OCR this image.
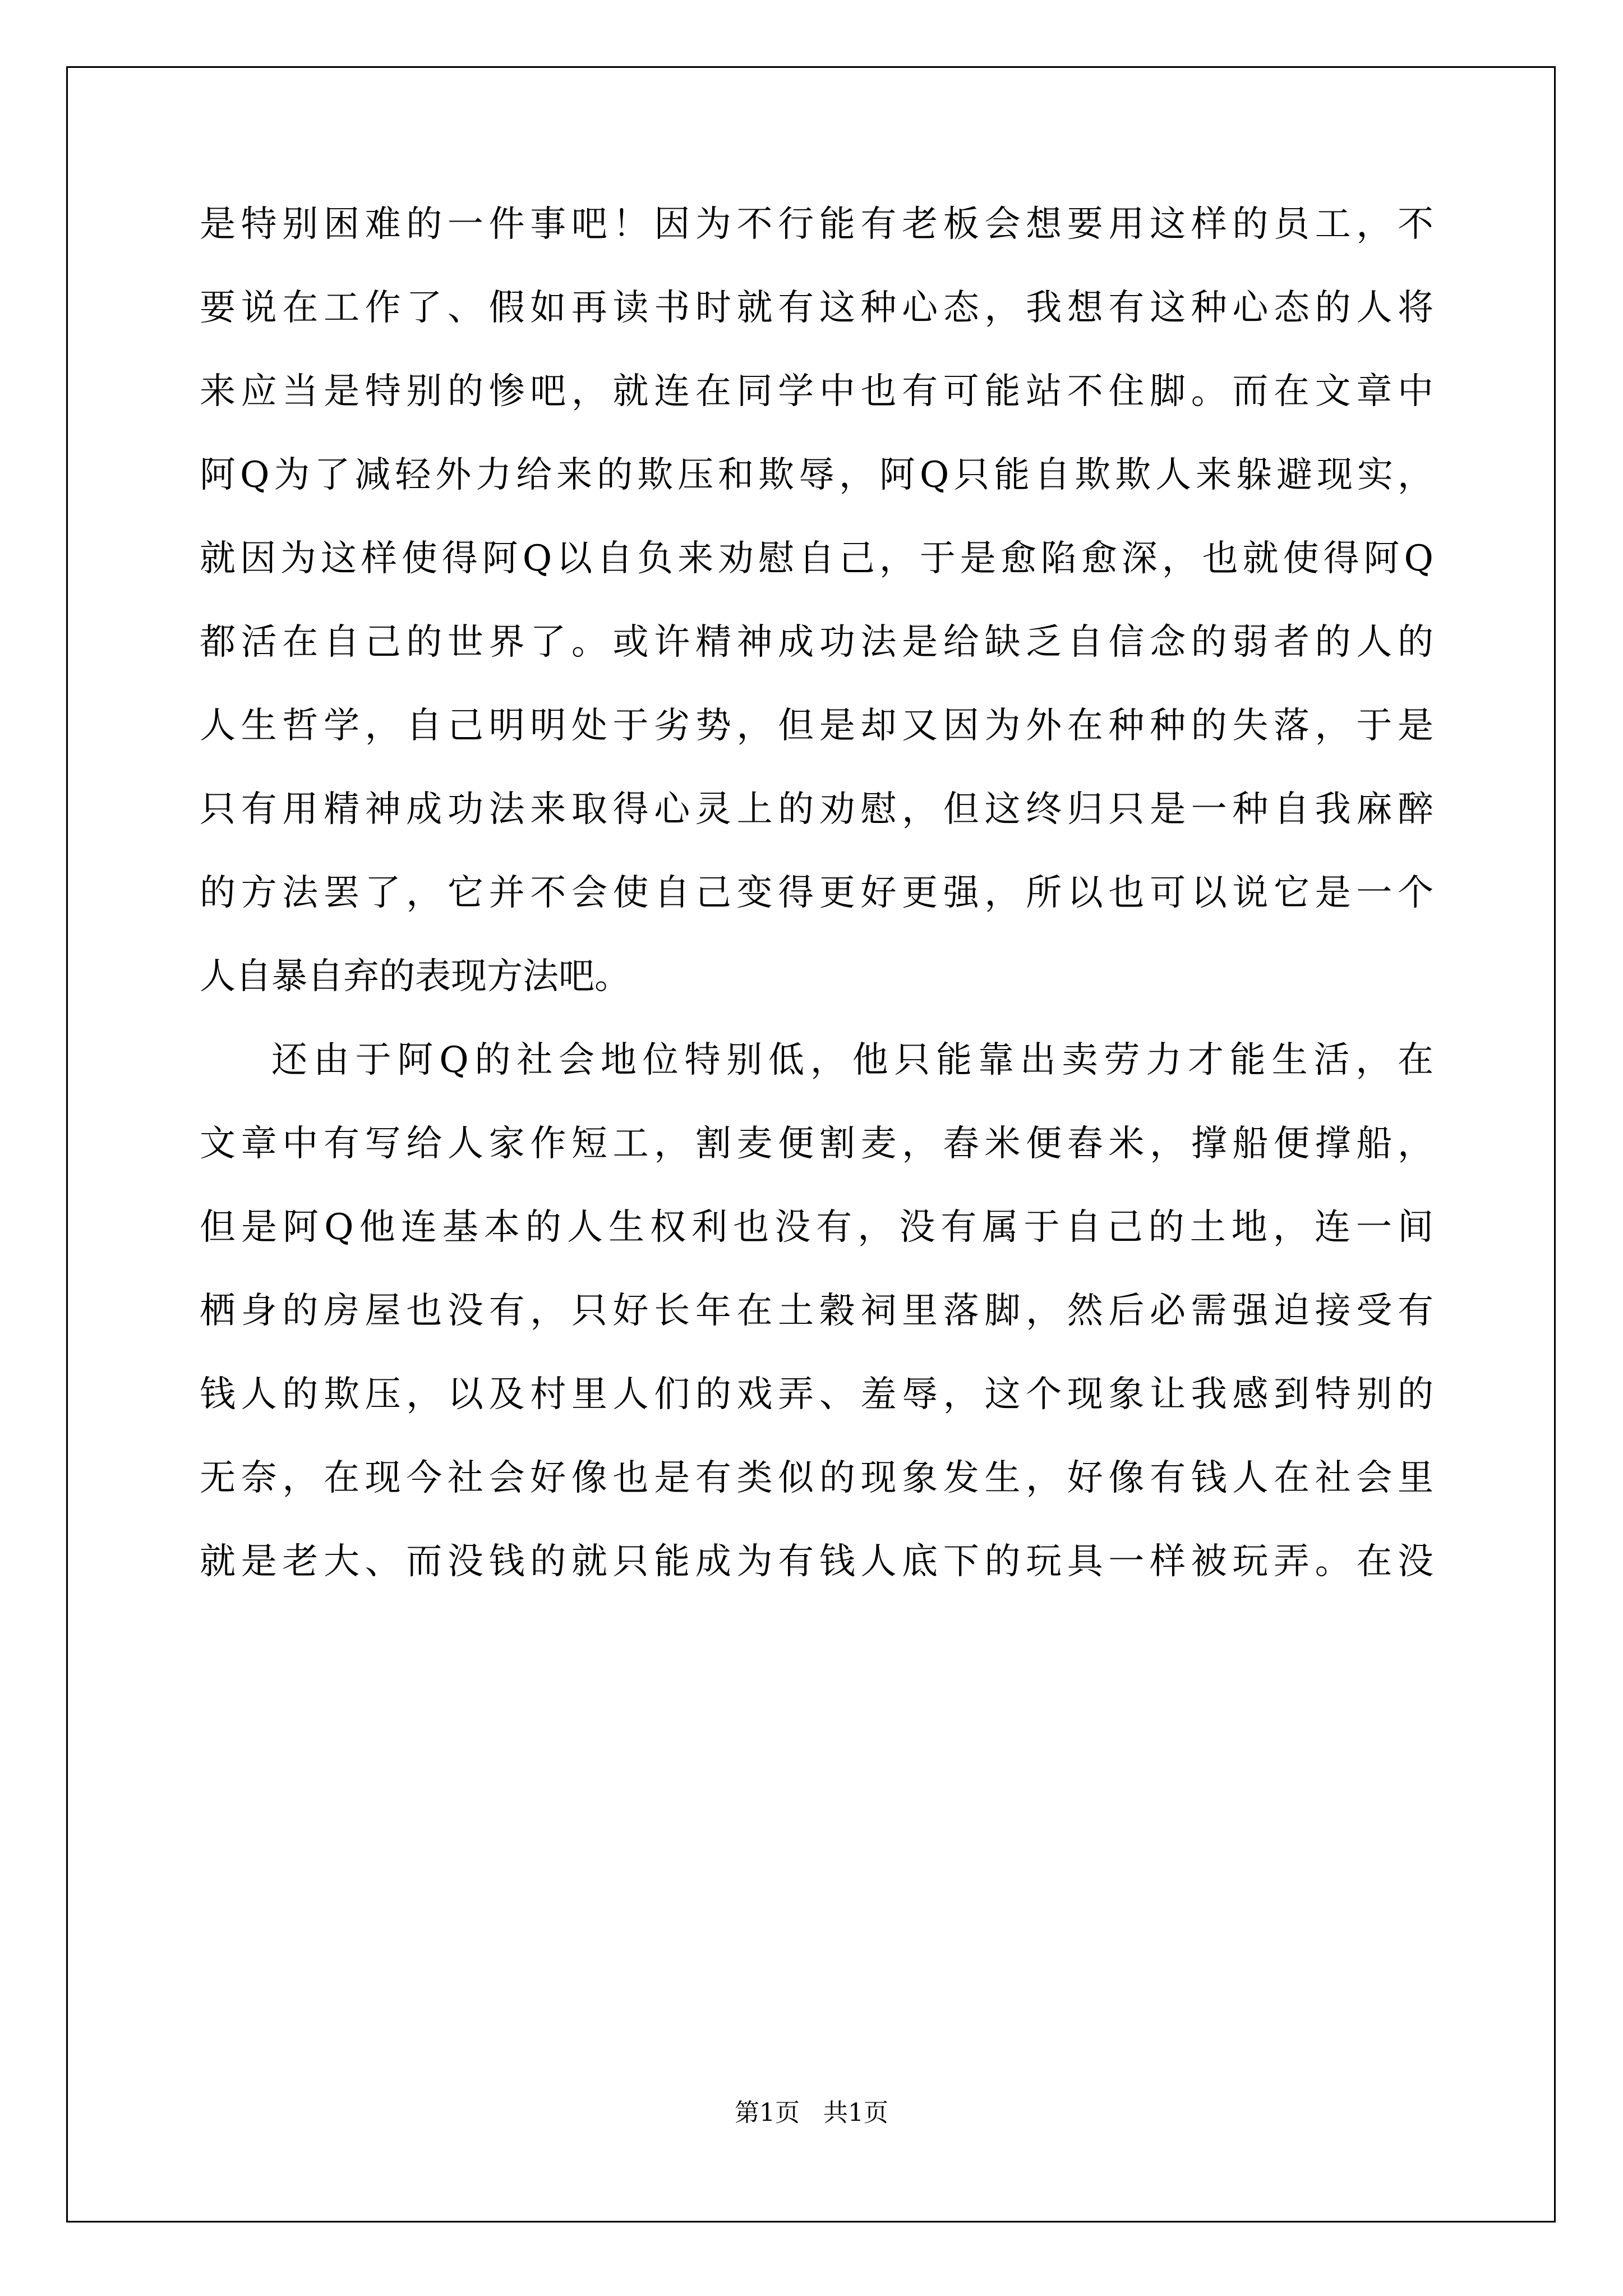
是特别困难的一件事吧！因为不行能有老板会想要用这样的员工，不
要说在工作了、假如再读书时就有这种心态，我想有这种心态的人将
来应当是特别的惨吧，就连在同学中也有可能站不住脚。而在文章中
阿Q为了减轻外力给来的欺压和欺辱，阿Q只能自欺欺人来躲避现实，
就因为这样使得阿Q以自负来劝慰自己，于是愈陷愈深，也就使得阿Q
都活在自己的世界了。或许精神成功法是给缺乏自信念的弱者的人的
人生哲学，自己明明处于劣势，但是却又因为外在种种的失落，于是
只有用精神成功法来取得心灵上的劝慰，但这终归只是一种自我麻醉
的方法罢了，它并不会使自己变得更好更强，所以也可以说它是一个
人自暴自弃的表现方法吧。
还由于阿Q的社会地位特别低，他只能靠出卖劳力才能生活，在
文章中有写给人家作短工，割麦便割麦，舂米便舂米，撑船便撑船，
但是阿Q他连基本的人生权利也没有，没有属于自己的土地，连一间
栖身的房屋也没有，只好长年在土穀祠里落脚，然后必需强迫接受有
钱人的欺压，以及村里人们的戏弄、羞辱，这个现象让我感到特别的
无奈，在现今社会好像也是有类似的现象发生，好像有钱人在社会里
就是老大、而没钱的就只能成为有钱人底下的玩具一样被玩弄。在没
第1页   共1页
